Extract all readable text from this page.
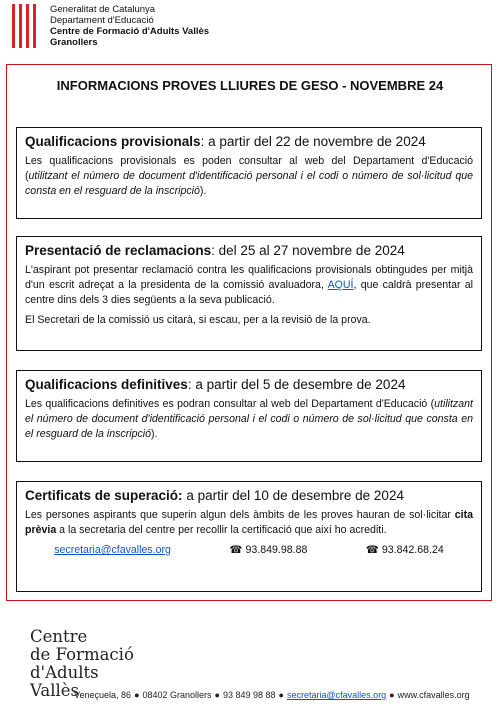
Generalitat de Catalunya
Departament d'Educació
Centre de Formació d'Adults Vallès
Granollers
INFORMACIONS PROVES LLIURES DE GESO - NOVEMBRE 24
Qualificacions provisionals: a partir del 22 de novembre de 2024

Les qualificacions provisionals es poden consultar al web del Departament d'Educació (utilitzant el número de document d'identificació personal i el codi o número de sol·licitud que consta en el resguard de la inscripció).

Presentació de reclamacions: del 25 al 27 novembre de 2024

L'aspirant pot presentar reclamació contra les qualificacions provisionals obtingudes per mitjà d'un escrit adreçat a la presidenta de la comissió avaluadora, AQUÍ, que caldrà presentar al centre dins dels 3 dies següents a la seva publicació.

El Secretari de la comissió us citarà, si escau, per a la revisió de la prova.

Qualificacions definitives: a partir del 5 de desembre de 2024

Les qualificacions definitives es podran consultar al web del Departament d'Educació (utilitzant el número de document d'identificació personal i el codi o número de sol·licitud que consta en el resguard de la inscripció).

Certificats de superació: a partir del 10 de desembre de 2024

Les persones aspirants que superin algun dels àmbits de les proves hauran de sol·licitar cita prèvia a la secretaria del centre per recollir la certificació que així ho acrediti.

secretaria@cfavalles.org	☎ 93.849.98.88	☎ 93.842.68.24
Centre
de Formació
d'Adults
Vallès
Veneçuela, 86 ● 08402 Granollers ● 93 849 98 88 ● secretaria@cfavalles.org ● www.cfavalles.org
